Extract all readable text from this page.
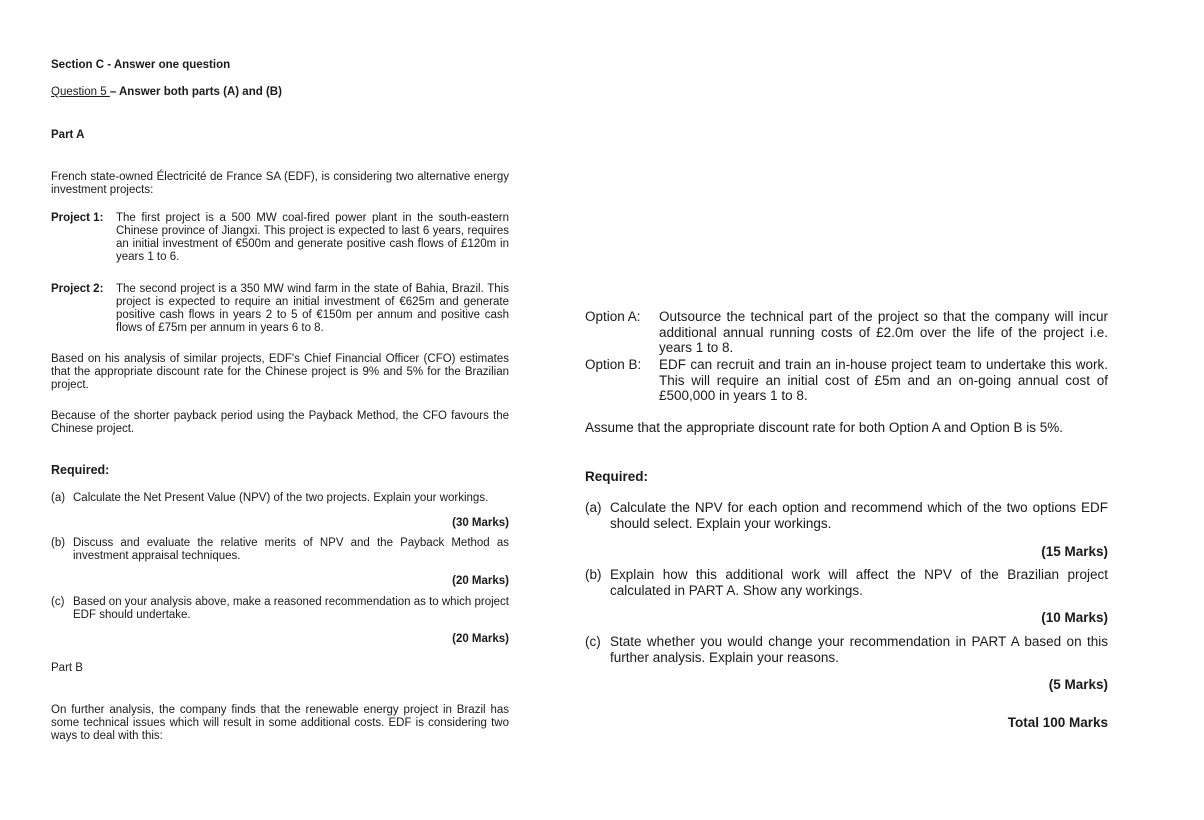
Section C - Answer one question
Question 5 – Answer both parts (A) and (B)
Part A
French state-owned Électricité de France SA (EDF), is considering two alternative energy investment projects:
Project 1: The first project is a 500 MW coal-fired power plant in the south-eastern Chinese province of Jiangxi. This project is expected to last 6 years, requires an initial investment of €500m and generate positive cash flows of £120m in years 1 to 6.
Project 2: The second project is a 350 MW wind farm in the state of Bahia, Brazil. This project is expected to require an initial investment of €625m and generate positive cash flows in years 2 to 5 of €150m per annum and positive cash flows of £75m per annum in years 6 to 8.
Based on his analysis of similar projects, EDF's Chief Financial Officer (CFO) estimates that the appropriate discount rate for the Chinese project is 9% and 5% for the Brazilian project.
Because of the shorter payback period using the Payback Method, the CFO favours the Chinese project.
Required:
(a) Calculate the Net Present Value (NPV) of the two projects. Explain your workings.
(30 Marks)
(b) Discuss and evaluate the relative merits of NPV and the Payback Method as investment appraisal techniques.
(20 Marks)
(c) Based on your analysis above, make a reasoned recommendation as to which project EDF should undertake.
(20 Marks)
Part B
On further analysis, the company finds that the renewable energy project in Brazil has some technical issues which will result in some additional costs. EDF is considering two ways to deal with this:
Option A: Outsource the technical part of the project so that the company will incur additional annual running costs of £2.0m over the life of the project i.e. years 1 to 8.
Option B: EDF can recruit and train an in-house project team to undertake this work. This will require an initial cost of £5m and an on-going annual cost of £500,000 in years 1 to 8.
Assume that the appropriate discount rate for both Option A and Option B is 5%.
Required:
(a) Calculate the NPV for each option and recommend which of the two options EDF should select. Explain your workings.
(15 Marks)
(b) Explain how this additional work will affect the NPV of the Brazilian project calculated in PART A. Show any workings.
(10 Marks)
(c) State whether you would change your recommendation in PART A based on this further analysis. Explain your reasons.
(5 Marks)
Total 100 Marks
